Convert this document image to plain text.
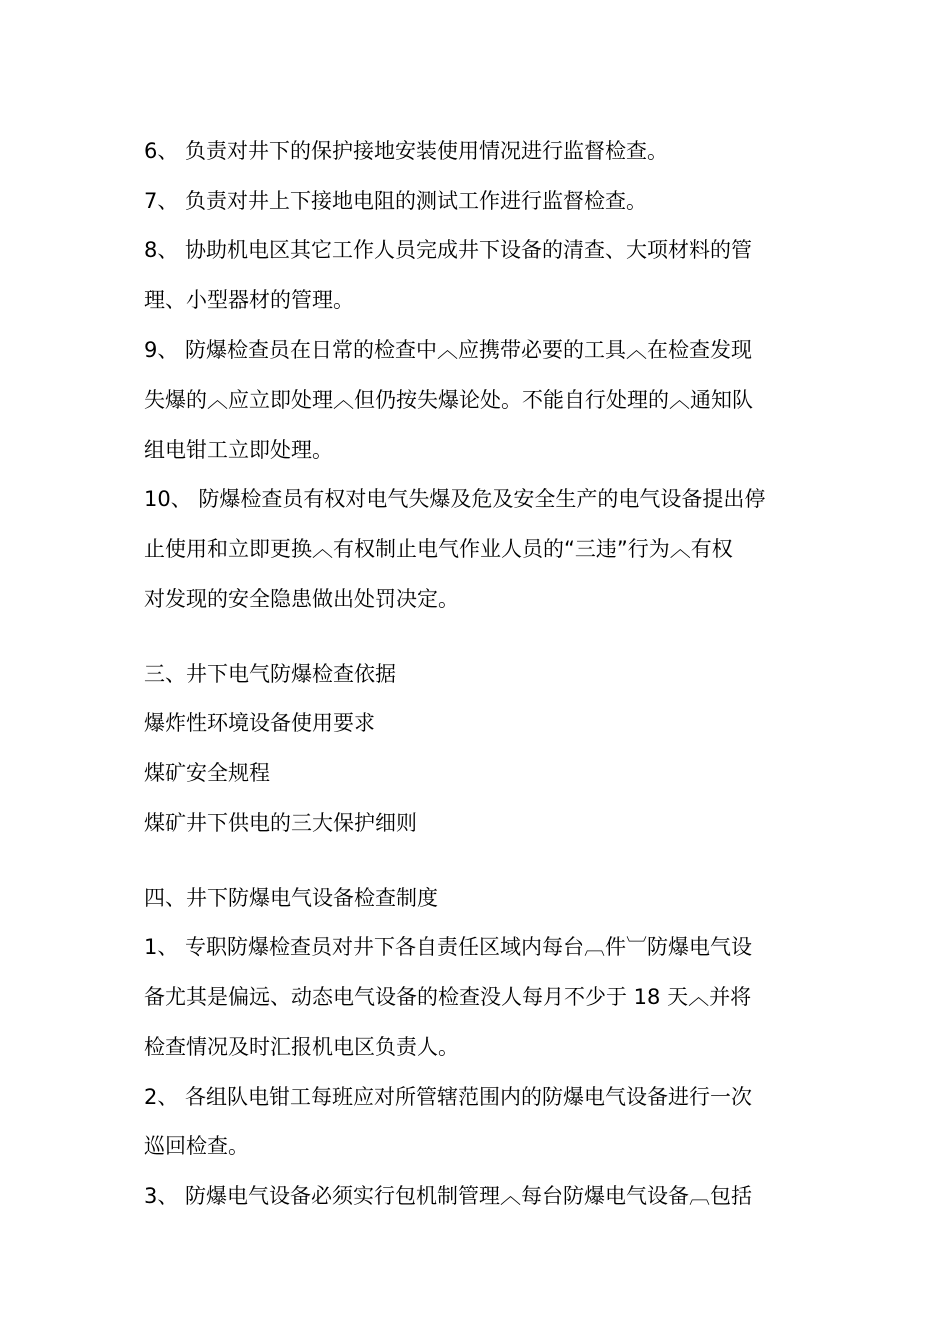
6、 负责对井下的保护接地安装使用情况进行监督检查。
7、 负责对井上下接地电阻的测试工作进行监督检查。
8、 协助机电区其它工作人员完成井下设备的清查、大项材料的管
理、小型器材的管理。
9、 防爆检查员在日常的检查中︿应携带必要的工具︿在检查发现
失爆的︿应立即处理︿但仍按失爆论处。不能自行处理的︿通知队
组电钳工立即处理。
10、 防爆检查员有权对电气失爆及危及安全生产的电气设备提出停
止使用和立即更换︿有权制止电气作业人员的“三违”行为︿有权
对发现的安全隐患做出处罚决定。
三、井下电气防爆检查依据
爆炸性环境设备使用要求
煤矿安全规程
煤矿井下供电的三大保护细则
四、井下防爆电气设备检查制度
1、 专职防爆检查员对井下各自责任区域内每台︹件︺防爆电气设
备尤其是偏远、动态电气设备的检查没人每月不少于 18 天︿并将
检查情况及时汇报机电区负责人。
2、 各组队电钳工每班应对所管辖范围内的防爆电气设备进行一次
巡回检查。
3、 防爆电气设备必须实行包机制管理︿每台防爆电气设备︹包括
